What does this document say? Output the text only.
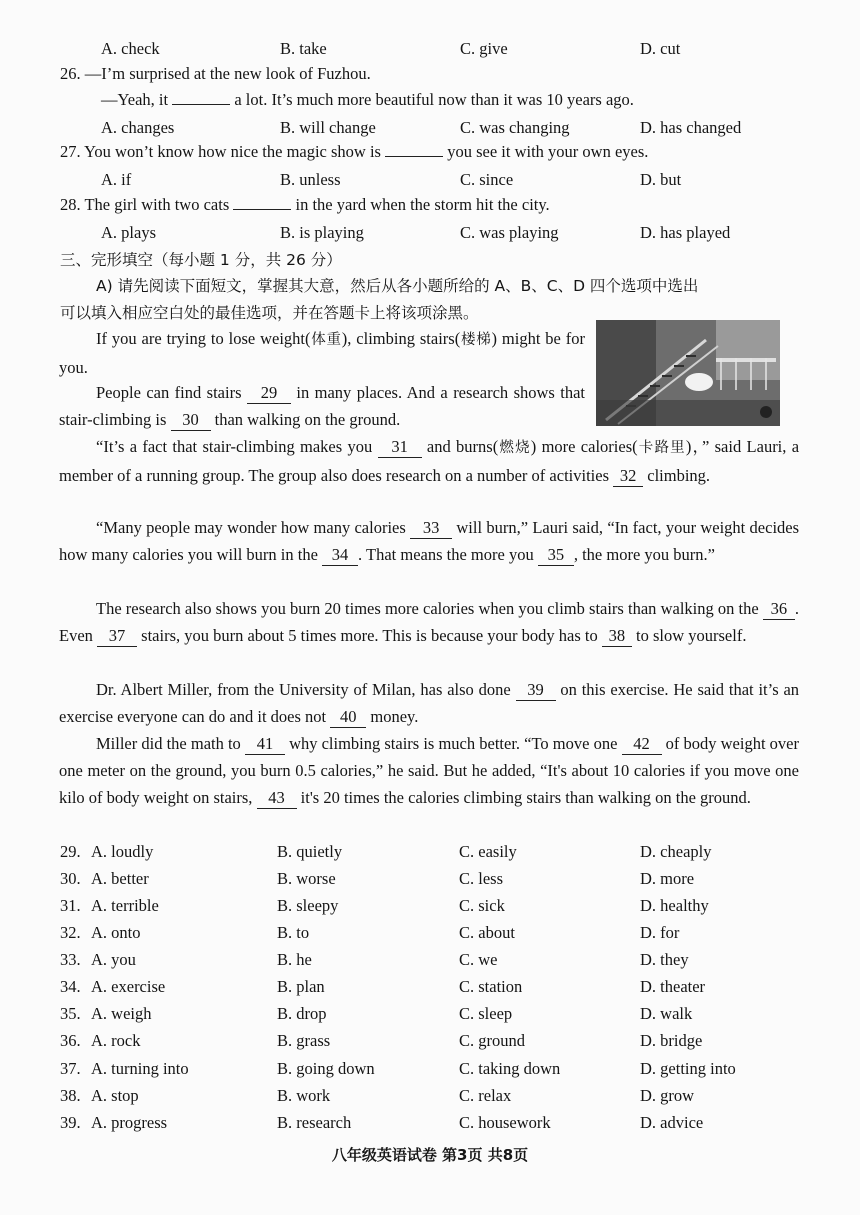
A. check	B. take	C. give	D. cut
26. —I’m surprised at the new look of Fuzhou.
—Yeah, it	a lot. It’s much more beautiful now than it was 10 years ago.
A. changes	B. will change	C. was changing	D. has changed
27. You won’t know how nice the magic show is	you see it with your own eyes.
A. if	B. unless	C. since	D. but
28. The girl with two cats	in the yard when the storm hit the city.
A. plays	B. is playing	C. was playing	D. has played
三、完形填空（每小题 1 分，共 26 分）
A) 请先阅读下面短文，掌握其大意，然后从各小题所给的 A、B、C、D 四个选项中选出
可以填入相应空白处的最佳选项，并在答题卡上将该项涂黑。
If you are trying to lose weight(体重), climbing stairs(楼梯) might be for you.
People can find stairs 29 in many places. And a research shows that stair-climbing is 30 than walking on the ground.
“It’s a fact that stair-climbing makes you 31 and burns(燃烧) more calories(卡路里)，” said Lauri, a member of a running group. The group also does research on a number of activities 32 climbing.
“Many people may wonder how many calories 33 will burn,” Lauri said, “In fact, your weight decides how many calories you will burn in the 34 . That means the more you 35 , the more you burn.”
The research also shows you burn 20 times more calories when you climb stairs than walking on the 36 . Even 37 stairs, you burn about 5 times more. This is because your body has to 38 to slow yourself.
Dr. Albert Miller, from the University of Milan, has also done 39 on this exercise. He said that it’s an exercise everyone can do and it does not 40 money.
Miller did the math to 41 why climbing stairs is much better. “To move one 42 of body weight over one meter on the ground, you burn 0.5 calories,” he said. But he added, “It's about 10 calories if you move one kilo of body weight on stairs, 43 it's 20 times the calories climbing stairs than walking on the ground.
29. A. loudly	B. quietly	C. easily	D. cheaply
30. A. better	B. worse	C. less	D. more
31. A. terrible	B. sleepy	C. sick	D. healthy
32. A. onto	B. to	C. about	D. for
33. A. you	B. he	C. we	D. they
34. A. exercise	B. plan	C. station	D. theater
35. A. weigh	B. drop	C. sleep	D. walk
36. A. rock	B. grass	C. ground	D. bridge
37. A. turning into	B. going down	C. taking down	D. getting into
38. A. stop	B. work	C. relax	D. grow
39. A. progress	B. research	C. housework	D. advice
八年级英语试卷 第3页 共8页
